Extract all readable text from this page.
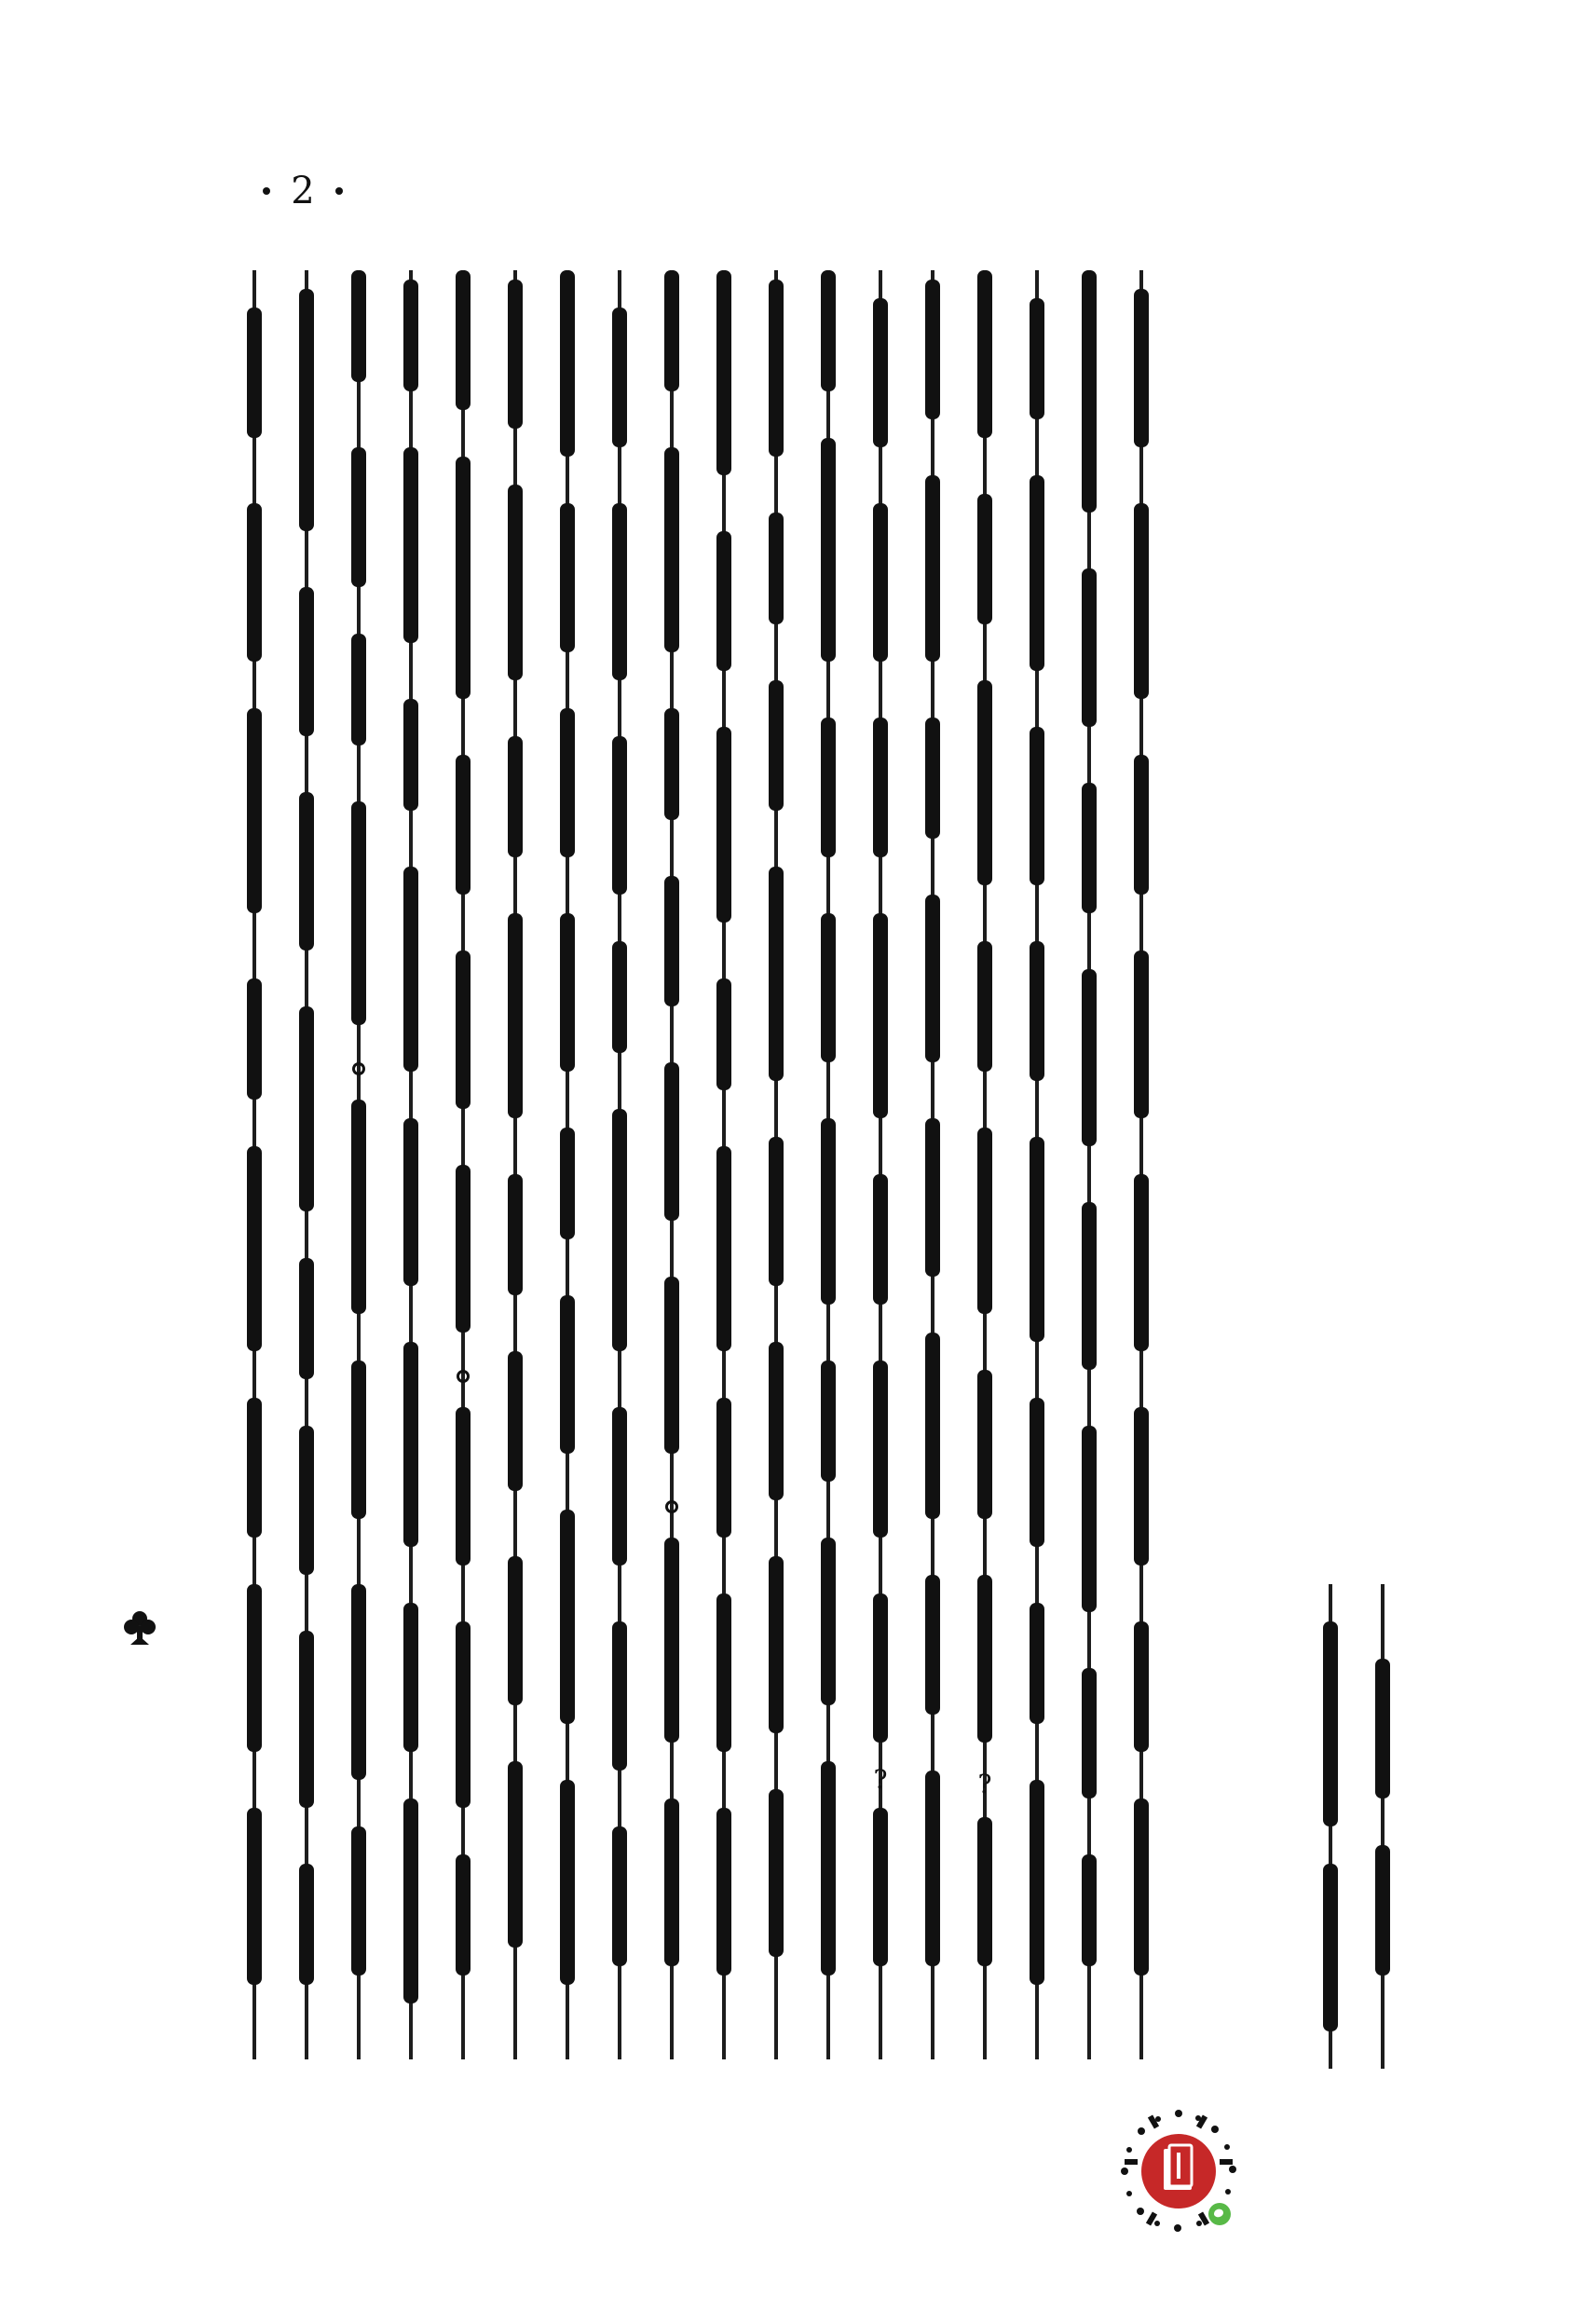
2
?	?
